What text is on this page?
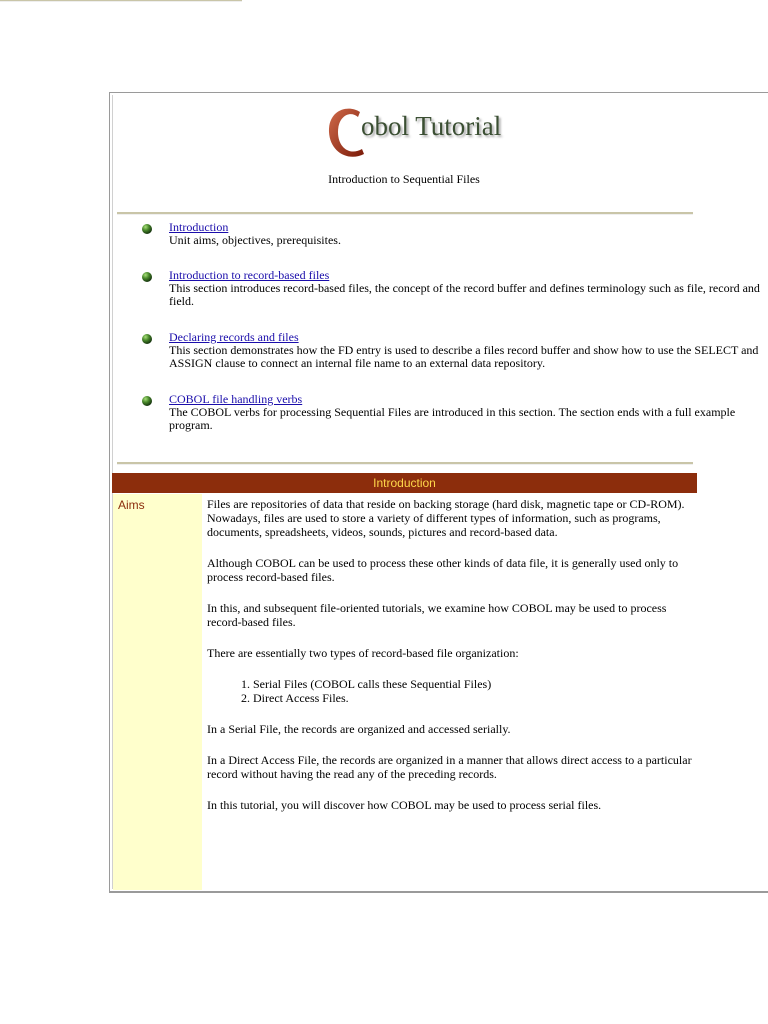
obol Tutorial
Introduction to Sequential Files
Introduction
Unit aims, objectives, prerequisites.
Introduction to record-based files
This section introduces record-based files, the concept of the record buffer and defines terminology such as file, record and field.
Declaring records and files
This section demonstrates how the FD entry is used to describe a files record buffer and show how to use the SELECT and ASSIGN clause to connect an internal file name to an external data repository.
COBOL file handling verbs
The COBOL verbs for processing Sequential Files are introduced in this section. The section ends with a full example program.
Introduction
Aims	Files are repositories of data that reside on backing storage (hard disk, magnetic tape or CD-ROM). Nowadays, files are used to store a variety of different types of information, such as programs, documents, spreadsheets, videos, sounds, pictures and record-based data.

Although COBOL can be used to process these other kinds of data file, it is generally used only to process record-based files.

In this, and subsequent file-oriented tutorials, we examine how COBOL may be used to process record-based files.

There are essentially two types of record-based file organization:

1. Serial Files (COBOL calls these Sequential Files)
2. Direct Access Files.

In a Serial File, the records are organized and accessed serially.

In a Direct Access File, the records are organized in a manner that allows direct access to a particular record without having the read any of the preceding records.

In this tutorial, you will discover how COBOL may be used to process serial files.
